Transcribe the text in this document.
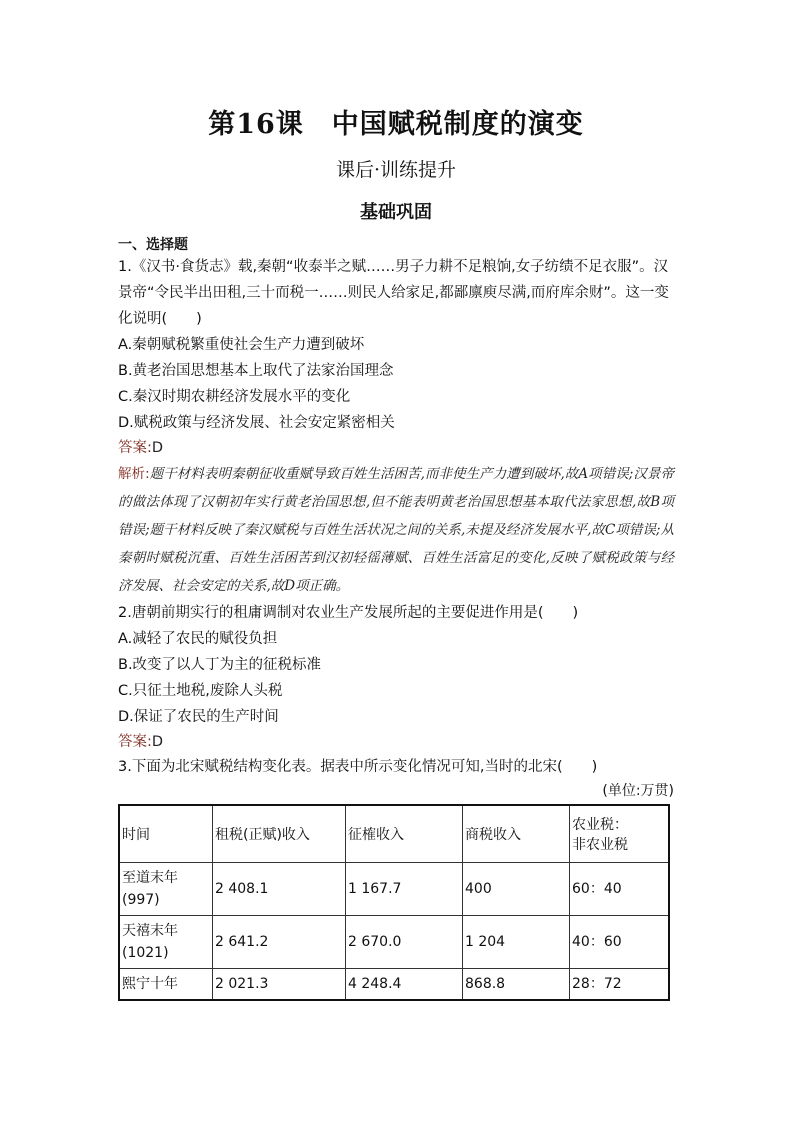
第16课　中国赋税制度的演变
课后·训练提升
基础巩固
一、选择题
1.《汉书·食货志》载,秦朝“收泰半之赋……男子力耕不足粮饷,女子纺绩不足衣服”。汉景帝“令民半出田租,三十而税一……则民人给家足,都鄙廪庾尽满,而府库余财”。这一变化说明(　　)
A.秦朝赋税繁重使社会生产力遭到破坏
B.黄老治国思想基本上取代了法家治国理念
C.秦汉时期农耕经济发展水平的变化
D.赋税政策与经济发展、社会安定紧密相关
答案:D
解析:题干材料表明秦朝征收重赋导致百姓生活困苦,而非使生产力遭到破坏,故A项错误;汉景帝的做法体现了汉朝初年实行黄老治国思想,但不能表明黄老治国思想基本取代法家思想,故B项错误;题干材料反映了秦汉赋税与百姓生活状况之间的关系,未提及经济发展水平,故C项错误;从秦朝时赋税沉重、百姓生活困苦到汉初轻徭薄赋、百姓生活富足的变化,反映了赋税政策与经济发展、社会安定的关系,故D项正确。
2.唐朝前期实行的租庸调制对农业生产发展所起的主要促进作用是(　　)
A.减轻了农民的赋役负担
B.改变了以人丁为主的征税标准
C.只征土地税,废除人头税
D.保证了农民的生产时间
答案:D
3.下面为北宋赋税结构变化表。据表中所示变化情况可知,当时的北宋(　　)
(单位:万贯)
时间	租税(正赋)收入	征榷收入	商税收入	农业税：
非农业税
至道末年
(997)	2 408.1	1 167.7	400	60：40
天禧末年
(1021)	2 641.2	2 670.0	1 204	40：60
熙宁十年	2 021.3	4 248.4	868.8	28：72
